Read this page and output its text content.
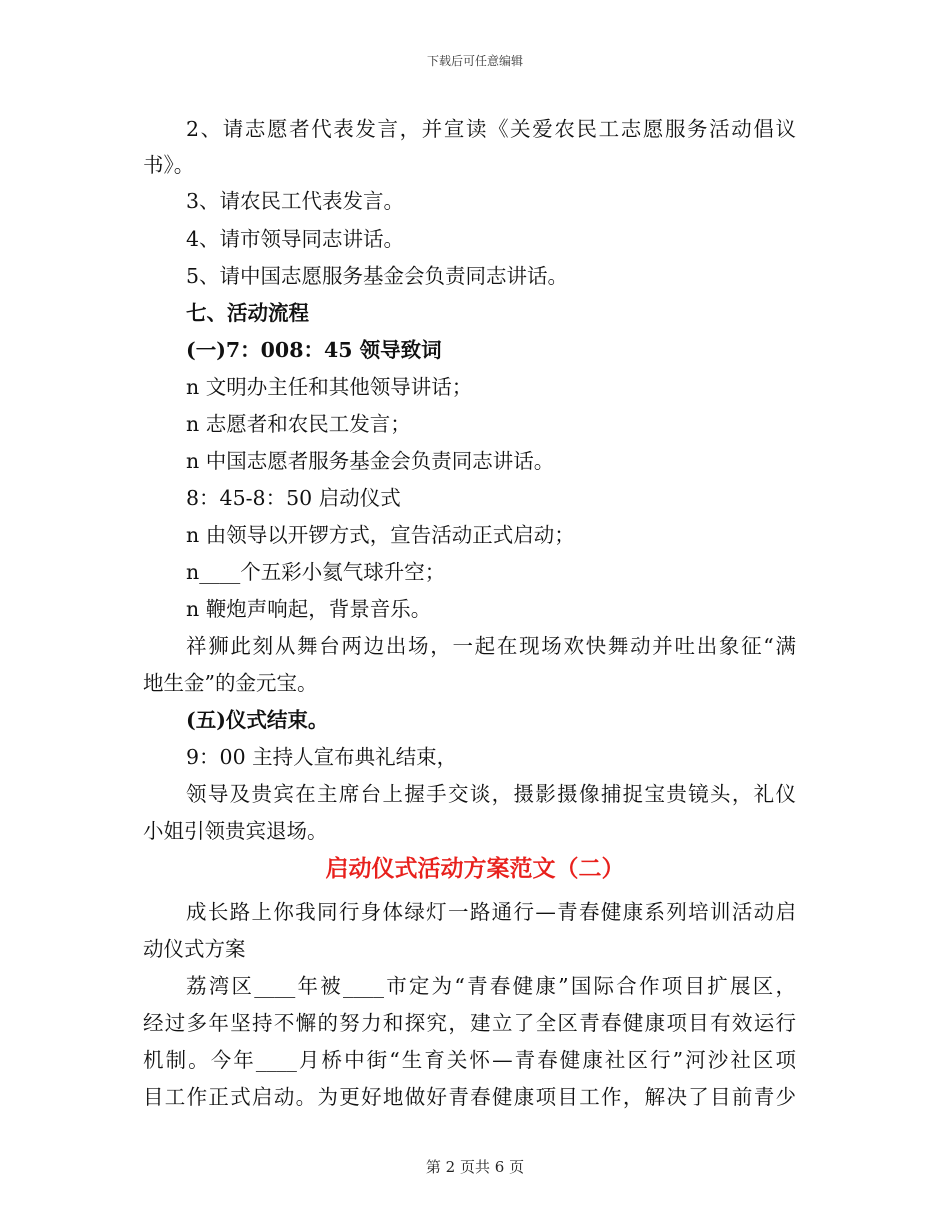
下载后可任意编辑
2、请志愿者代表发言，并宣读《关爱农民工志愿服务活动倡议
书》。
3、请农民工代表发言。
4、请市领导同志讲话。
5、请中国志愿服务基金会负责同志讲话。
七、活动流程
(一)7：008：45 领导致词
n 文明办主任和其他领导讲话；
n 志愿者和农民工发言；
n 中国志愿者服务基金会负责同志讲话。
8：45-8：50 启动仪式
n 由领导以开锣方式，宣告活动正式启动；
n____个五彩小氦气球升空；
n 鞭炮声响起，背景音乐。
祥狮此刻从舞台两边出场，一起在现场欢快舞动并吐出象征“满
地生金”的金元宝。
(五)仪式结束。
9：00 主持人宣布典礼结束，
领导及贵宾在主席台上握手交谈，摄影摄像捕捉宝贵镜头，礼仪
小姐引领贵宾退场。
启动仪式活动方案范文（二）
成长路上你我同行身体绿灯一路通行—青春健康系列培训活动启
动仪式方案
荔湾区____年被____市定为“青春健康”国际合作项目扩展区，
经过多年坚持不懈的努力和探究，建立了全区青春健康项目有效运行
机制。今年____月桥中街“生育关怀—青春健康社区行”河沙社区项
目工作正式启动。为更好地做好青春健康项目工作，解决了目前青少
第 2 页共 6 页
